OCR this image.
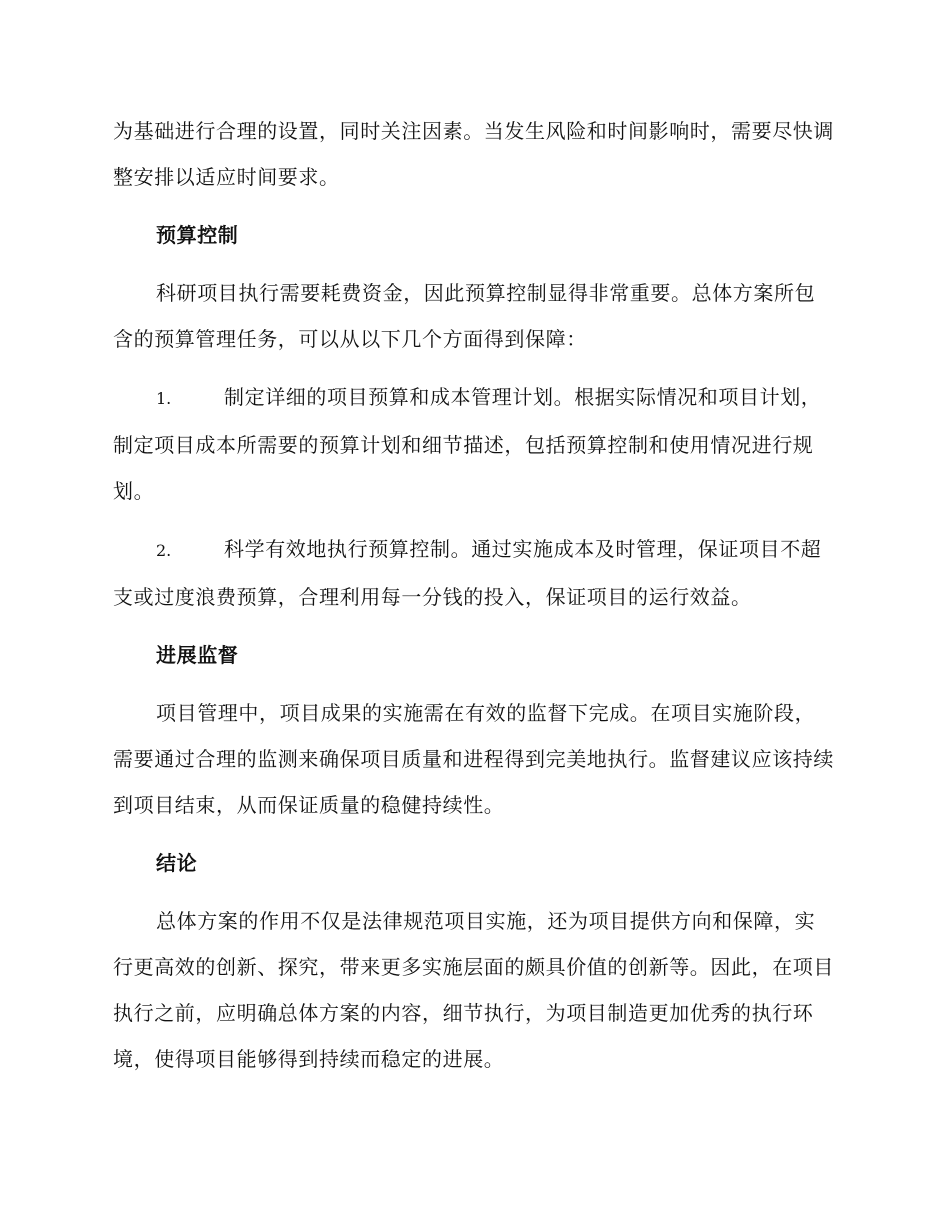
为基础进行合理的设置，同时关注因素。当发生风险和时间影响时，需要尽快调整安排以适应时间要求。

预算控制

科研项目执行需要耗费资金，因此预算控制显得非常重要。总体方案所包含的预算管理任务，可以从以下几个方面得到保障：

1.	制定详细的项目预算和成本管理计划。根据实际情况和项目计划，制定项目成本所需要的预算计划和细节描述，包括预算控制和使用情况进行规划。

2.	科学有效地执行预算控制。通过实施成本及时管理，保证项目不超支或过度浪费预算，合理利用每一分钱的投入，保证项目的运行效益。

进展监督

项目管理中，项目成果的实施需在有效的监督下完成。在项目实施阶段，需要通过合理的监测来确保项目质量和进程得到完美地执行。监督建议应该持续到项目结束，从而保证质量的稳健持续性。

结论

总体方案的作用不仅是法律规范项目实施，还为项目提供方向和保障，实行更高效的创新、探究，带来更多实施层面的颇具价值的创新等。因此，在项目执行之前，应明确总体方案的内容，细节执行，为项目制造更加优秀的执行环境，使得项目能够得到持续而稳定的进展。
